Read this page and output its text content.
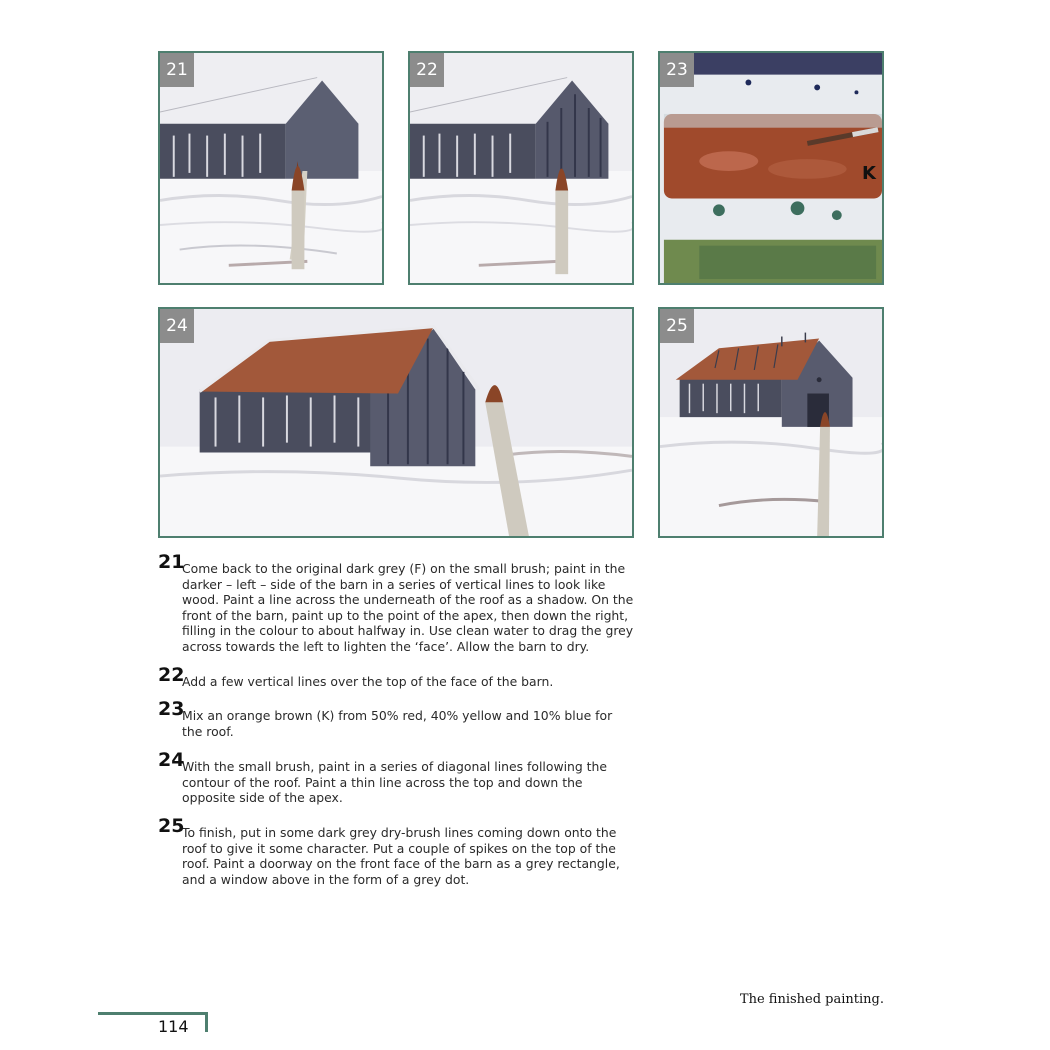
21	22	23
K
24	25
21
Come back to the original dark grey (F) on the small brush; paint in the darker – left – side of the barn in a series of vertical lines to look like wood. Paint a line across the underneath of the roof as a shadow. On the front of the barn, paint up to the point of the apex, then down the right, filling in the colour to about halfway in. Use clean water to drag the grey across towards the left to lighten the ‘face’. Allow the barn to dry.
22
Add a few vertical lines over the top of the face of the barn.
23
Mix an orange brown (K) from 50% red, 40% yellow and 10% blue for the roof.
24
With the small brush, paint in a series of diagonal lines following the contour of the roof. Paint a thin line across the top and down the opposite side of the apex.
25
To finish, put in some dark grey dry-brush lines coming down onto the roof to give it some character. Put a couple of spikes on the top of the roof. Paint a doorway on the front face of the barn as a grey rectangle, and a window above in the form of a grey dot.
The finished painting.
114
